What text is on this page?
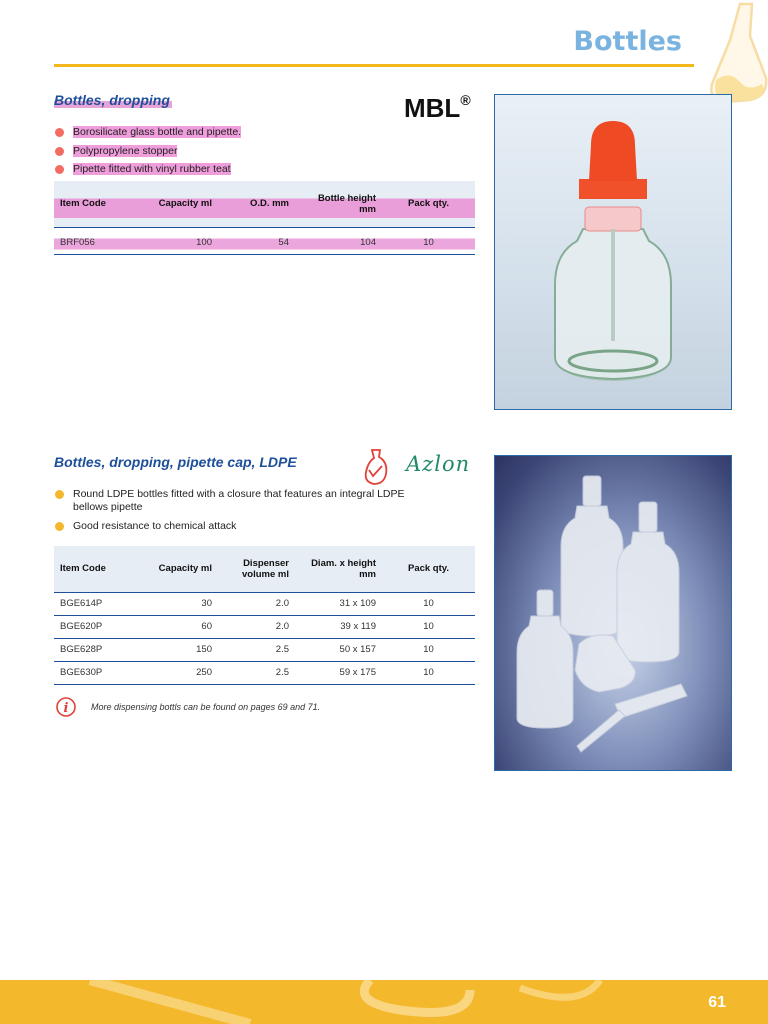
Bottles
Bottles, dropping	MBL®
Borosilicate glass bottle and pipette.
Polypropylene stopper
Pipette fitted with vinyl rubber teat
Item Code	Capacity ml	O.D. mm	Bottle height mm	Pack qty.

BRF056	100	54	104	10
Bottles, dropping, pipette cap, LDPE	Azlon
Round LDPE bottles fitted with a closure that features an integral LDPE bellows pipette
Good resistance to chemical attack
Item Code	Capacity ml	Dispenser volume ml	Diam. x height mm	Pack qty.
BGE614P	30	2.0	31 x 109	10
BGE620P	60	2.0	39 x 119	10
BGE628P	150	2.5	50 x 157	10
BGE630P	250	2.5	59 x 175	10
i	More dispensing bottls can be found on pages 69 and 71.
61
